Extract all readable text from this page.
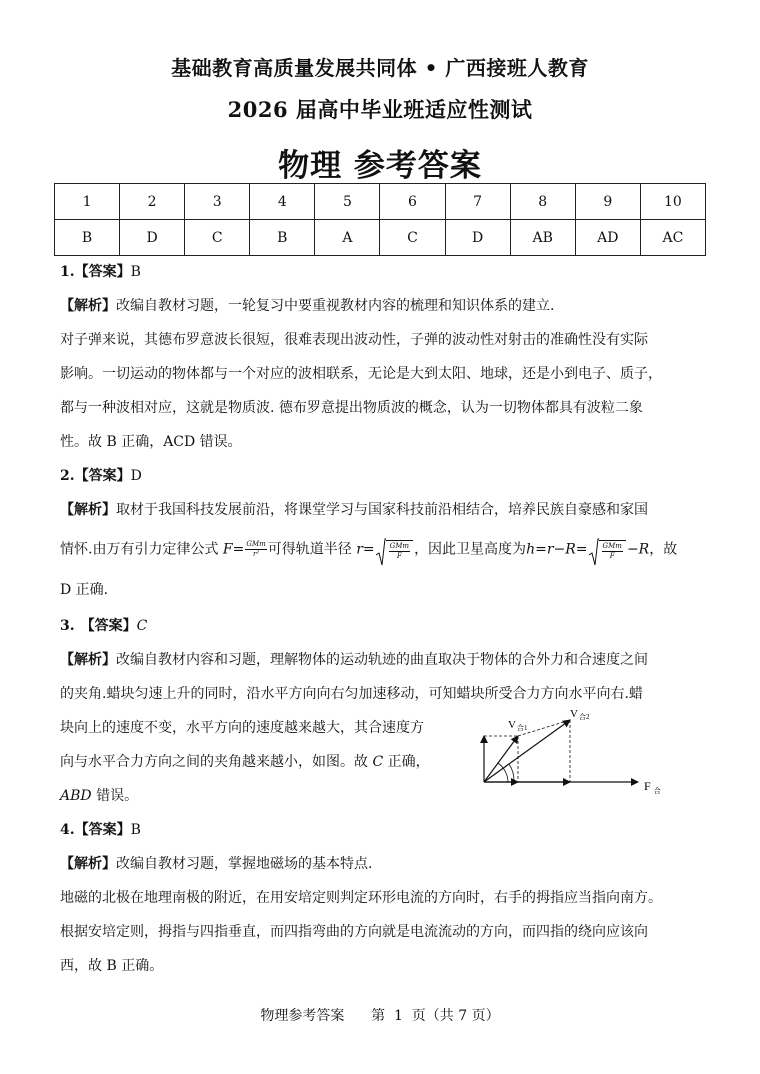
基础教育高质量发展共同体 • 广西接班人教育
2026 届高中毕业班适应性测试
物理 参考答案
1	2	3	4	5	6	7	8	9	10
B	D	C	B	A	C	D	AB	AD	AC
1.【答案】B
【解析】改编自教材习题，一轮复习中要重视教材内容的梳理和知识体系的建立.
对子弹来说，其德布罗意波长很短，很难表现出波动性，子弹的波动性对射击的准确性没有实际
影响。一切运动的物体都与一个对应的波相联系，无论是大到太阳、地球，还是小到电子、质子，
都与一种波相对应，这就是物质波. 德布罗意提出物质波的概念，认为一切物体都具有波粒二象
性。故 B 正确，ACD 错误。
2.【答案】D
【解析】取材于我国科技发展前沿，将课堂学习与国家科技前沿相结合，培养民族自豪感和家国
情怀.由万有引力定律公式 $F= \frac{\text{GMm}}{\text{r²}}$ 可得轨道半径 $r= \frac{\text{GMm}}{F}$ ，因此卫星高度为$h=r-R= \frac{\text{GMm}}{F} -R$，故
D 正确.
3. 【答案】C
【解析】改编自教材内容和习题，理解物体的运动轨迹的曲直取决于物体的合外力和合速度之间
的夹角.蜡块匀速上升的同时，沿水平方向向右匀加速移动，可知蜡块所受合力方向水平向右.蜡
块向上的速度不变，水平方向的速度越来越大，其合速度方
向与水平合力方向之间的夹角越来越小，如图。故 C 正确，
ABD 错误。
V合1
V合2
F $_合$
4.【答案】B
【解析】改编自教材习题，掌握地磁场的基本特点.
地磁的北极在地理南极的附近，在用安培定则判定环形电流的方向时，右手的拇指应当指向南方。
根据安培定则，拇指与四指垂直，而四指弯曲的方向就是电流流动的方向，而四指的绕向应该向
西，故 B 正确。
物理参考答案      第  1  页（共 7 页）
